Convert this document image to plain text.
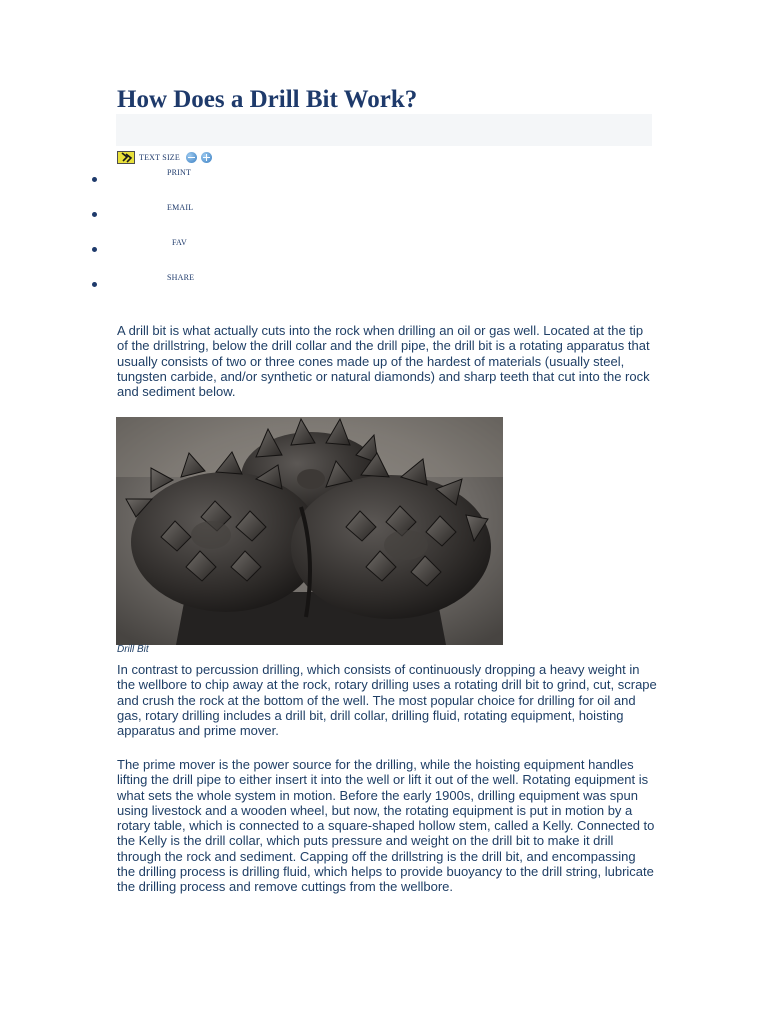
How Does a Drill Bit Work?
TEXT SIZE
PRINT
EMAIL
FAV
SHARE

A drill bit is what actually cuts into the rock when drilling an oil or gas well. Located at the tip of the drillstring, below the drill collar and the drill pipe, the drill bit is a rotating apparatus that usually consists of two or three cones made up of the hardest of materials (usually steel, tungsten carbide, and/or synthetic or natural diamonds) and sharp teeth that cut into the rock and sediment below.

Drill Bit

In contrast to percussion drilling, which consists of continuously dropping a heavy weight in the wellbore to chip away at the rock, rotary drilling uses a rotating drill bit to grind, cut, scrape and crush the rock at the bottom of the well. The most popular choice for drilling for oil and gas, rotary drilling includes a drill bit, drill collar, drilling fluid, rotating equipment, hoisting apparatus and prime mover.

The prime mover is the power source for the drilling, while the hoisting equipment handles lifting the drill pipe to either insert it into the well or lift it out of the well. Rotating equipment is what sets the whole system in motion. Before the early 1900s, drilling equipment was spun using livestock and a wooden wheel, but now, the rotating equipment is put in motion by a rotary table, which is connected to a square-shaped hollow stem, called a Kelly. Connected to the Kelly is the drill collar, which puts pressure and weight on the drill bit to make it drill through the rock and sediment. Capping off the drillstring is the drill bit, and encompassing the drilling process is drilling fluid, which helps to provide buoyancy to the drill string, lubricate the drilling process and remove cuttings from the wellbore.
